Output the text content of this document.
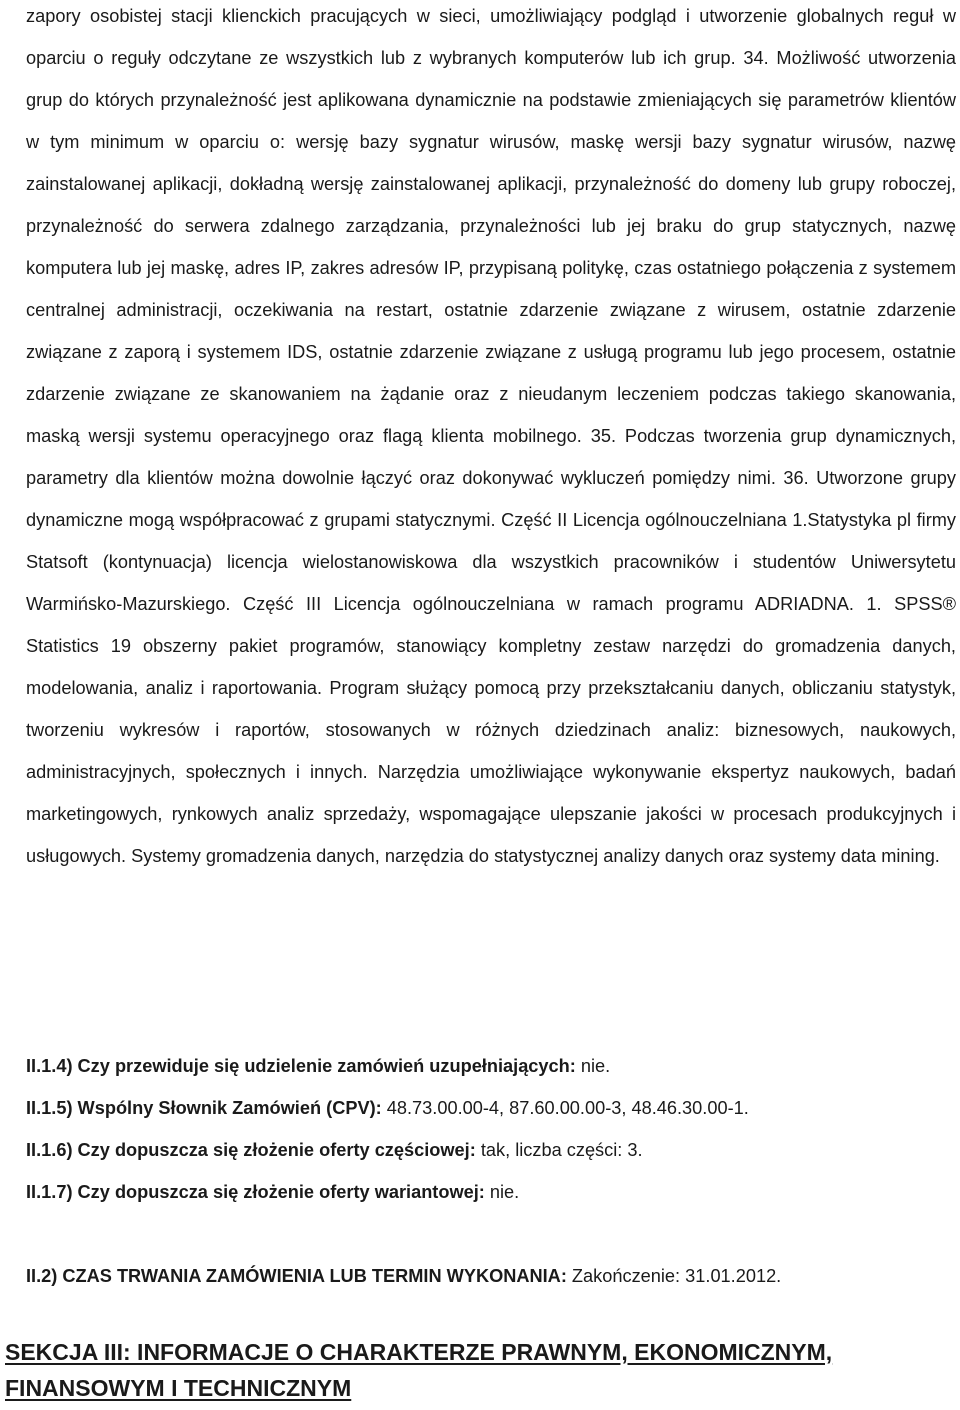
zapory osobistej stacji klienckich pracujących w sieci, umożliwiający podgląd i utworzenie globalnych reguł w oparciu o reguły odczytane ze wszystkich lub z wybranych komputerów lub ich grup. 34. Możliwość utworzenia grup do których przynależność jest aplikowana dynamicznie na podstawie zmieniających się parametrów klientów w tym minimum w oparciu o: wersję bazy sygnatur wirusów, maskę wersji bazy sygnatur wirusów, nazwę zainstalowanej aplikacji, dokładną wersję zainstalowanej aplikacji, przynależność do domeny lub grupy roboczej, przynależność do serwera zdalnego zarządzania, przynależności lub jej braku do grup statycznych, nazwę komputera lub jej maskę, adres IP, zakres adresów IP, przypisaną politykę, czas ostatniego połączenia z systemem centralnej administracji, oczekiwania na restart, ostatnie zdarzenie związane z wirusem, ostatnie zdarzenie związane z zaporą i systemem IDS, ostatnie zdarzenie związane z usługą programu lub jego procesem, ostatnie zdarzenie związane ze skanowaniem na żądanie oraz z nieudanym leczeniem podczas takiego skanowania, maską wersji systemu operacyjnego oraz flagą klienta mobilnego. 35. Podczas tworzenia grup dynamicznych, parametry dla klientów można dowolnie łączyć oraz dokonywać wykluczeń pomiędzy nimi. 36. Utworzone grupy dynamiczne mogą współpracować z grupami statycznymi. Część II Licencja ogólnouczelniana 1.Statystyka pl firmy Statsoft (kontynuacja) licencja wielostanowiskowa dla wszystkich pracowników i studentów Uniwersytetu Warmińsko-Mazurskiego. Część III Licencja ogólnouczelniana w ramach programu ADRIADNA. 1. SPSS® Statistics 19 obszerny pakiet programów, stanowiący kompletny zestaw narzędzi do gromadzenia danych, modelowania, analiz i raportowania. Program służący pomocą przy przekształcaniu danych, obliczaniu statystyk, tworzeniu wykresów i raportów, stosowanych w różnych dziedzinach analiz: biznesowych, naukowych, administracyjnych, społecznych i innych. Narzędzia umożliwiające wykonywanie ekspertyz naukowych, badań marketingowych, rynkowych analiz sprzedaży, wspomagające ulepszanie jakości w procesach produkcyjnych i usługowych. Systemy gromadzenia danych, narzędzia do statystycznej analizy danych oraz systemy data mining.

II.1.4) Czy przewiduje się udzielenie zamówień uzupełniających: nie.

II.1.5) Wspólny Słownik Zamówień (CPV): 48.73.00.00-4, 87.60.00.00-3, 48.46.30.00-1.

II.1.6) Czy dopuszcza się złożenie oferty częściowej: tak, liczba części: 3.

II.1.7) Czy dopuszcza się złożenie oferty wariantowej: nie.

II.2) CZAS TRWANIA ZAMÓWIENIA LUB TERMIN WYKONANIA: Zakończenie: 31.01.2012.

SEKCJA III: INFORMACJE O CHARAKTERZE PRAWNYM, EKONOMICZNYM, FINANSOWYM I TECHNICZNYM
